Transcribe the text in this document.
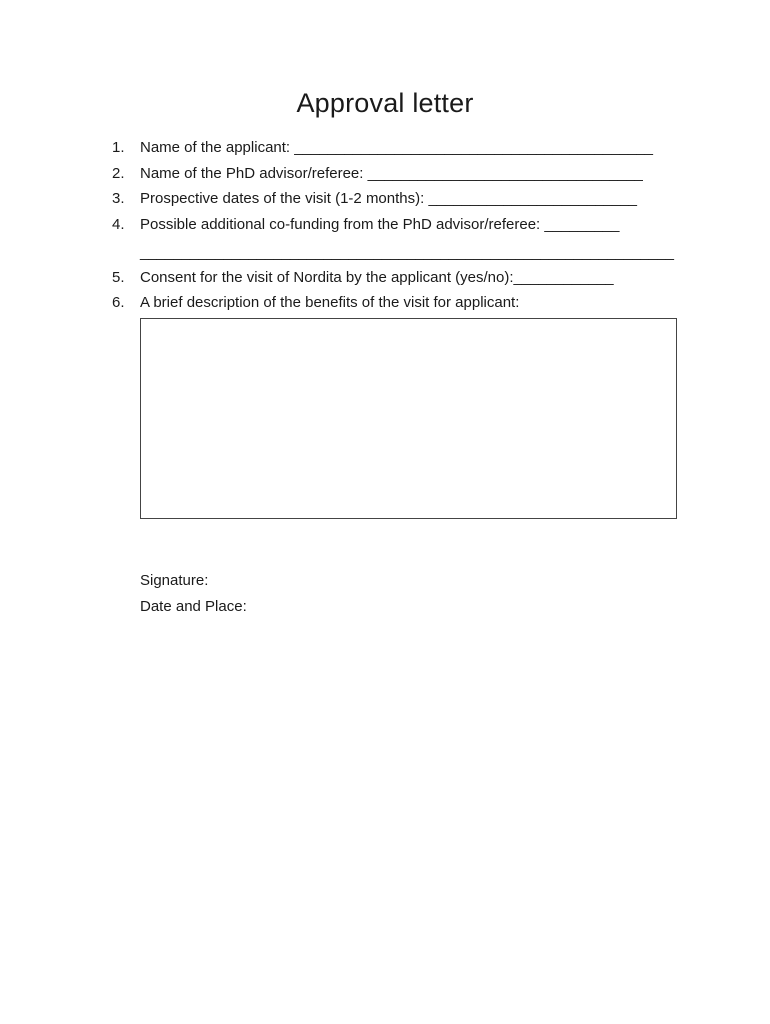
Approval letter
1. Name of the applicant: ___________________________________________
2. Name of the PhD advisor/referee: _________________________________
3. Prospective dates of the visit (1-2 months): _________________________
4. Possible additional co-funding from the PhD advisor/referee: _________
________________________________________________________________
5. Consent for the visit of Nordita by the applicant (yes/no):____________
6. A brief description of the benefits of the visit for applicant:
Signature:
Date and Place:
